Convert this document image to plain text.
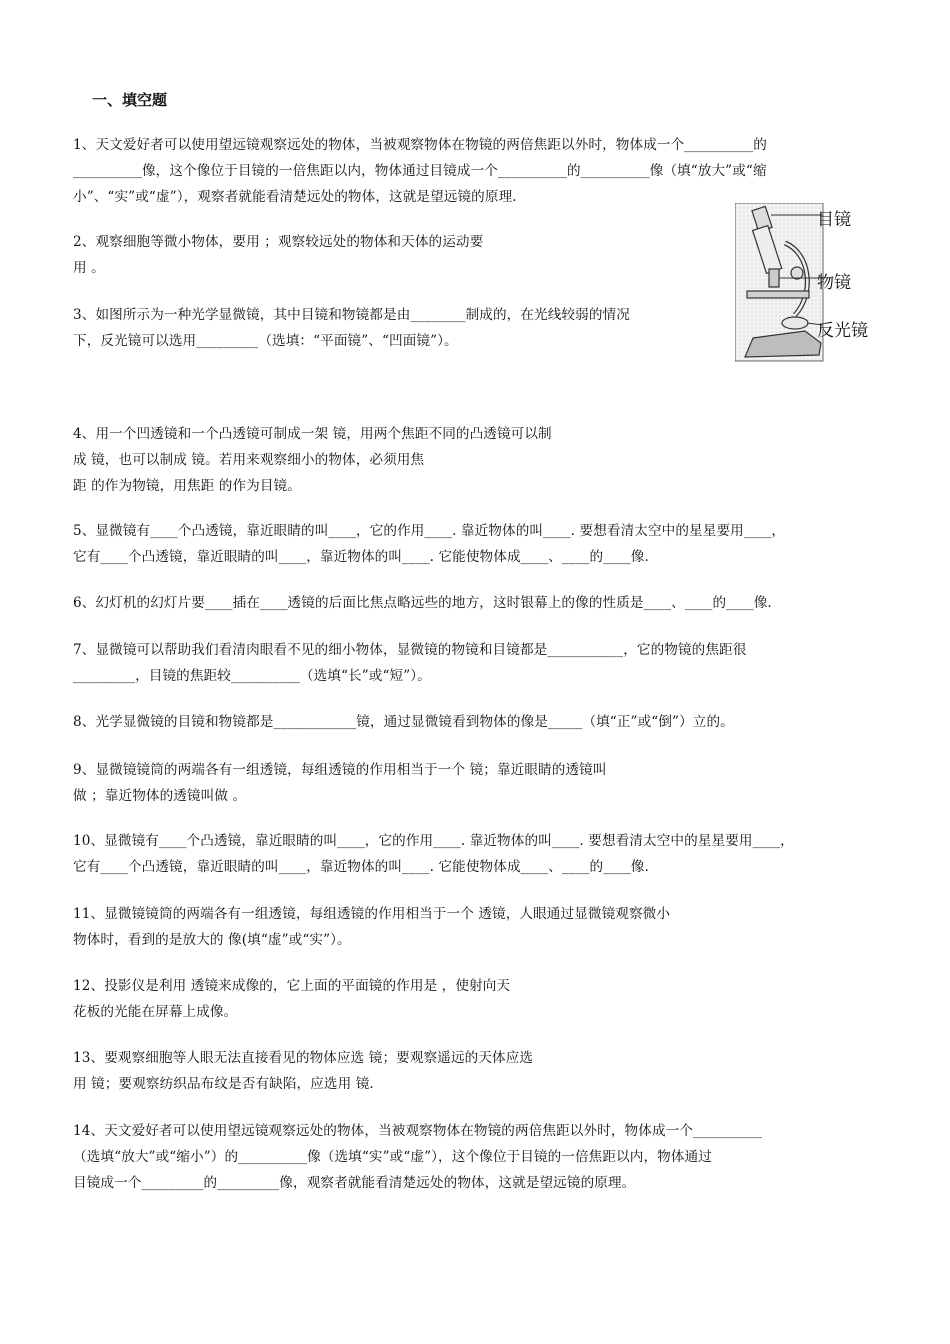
一、填空题
1、天文爱好者可以使用望远镜观察远处的物体，当被观察物体在物镜的两倍焦距以外时，物体成一个__________的
__________像，这个像位于目镜的一倍焦距以内，物体通过目镜成一个__________的__________像（填“放大”或“缩
小”、“实”或“虚”），观察者就能看清楚远处的物体，这就是望远镜的原理.
2、观察细胞等微小物体，要用 ；观察较远处的物体和天体的运动要
用 。
3、如图所示为一种光学显微镜，其中目镜和物镜都是由________制成的，在光线较弱的情况
下，反光镜可以选用_________（选填：“平面镜”、“凹面镜”）。
4、用一个凹透镜和一个凸透镜可制成一架 镜，用两个焦距不同的凸透镜可以制
成 镜，也可以制成 镜。若用来观察细小的物体，必须用焦
距 的作为物镜，用焦距 的作为目镜。
5、显微镜有____个凸透镜，靠近眼睛的叫____，它的作用____. 靠近物体的叫____. 要想看清太空中的星星要用____，
它有____个凸透镜，靠近眼睛的叫____，靠近物体的叫____. 它能使物体成____、____的____像.
6、幻灯机的幻灯片要____插在____透镜的后面比焦点略远些的地方，这时银幕上的像的性质是____、____的____像.
7、显微镜可以帮助我们看清肉眼看不见的细小物体，显微镜的物镜和目镜都是___________，它的物镜的焦距很
_________，目镜的焦距较__________（选填“长”或“短”）。
8、光学显微镜的目镜和物镜都是____________镜，通过显微镜看到物体的像是_____（填“正”或“倒”）立的。
9、显微镜镜筒的两端各有一组透镜，每组透镜的作用相当于一个 镜；靠近眼睛的透镜叫
做 ；靠近物体的透镜叫做 。
10、显微镜有____个凸透镜，靠近眼睛的叫____，它的作用____. 靠近物体的叫____. 要想看清太空中的星星要用____，
它有____个凸透镜，靠近眼睛的叫____，靠近物体的叫____. 它能使物体成____、____的____像.
11、显微镜镜筒的两端各有一组透镜，每组透镜的作用相当于一个 透镜，人眼通过显微镜观察微小
物体时，看到的是放大的 像(填“虚”或“实”）。
12、投影仪是利用 透镜来成像的，它上面的平面镜的作用是 ，使射向天
花板的光能在屏幕上成像。
13、要观察细胞等人眼无法直接看见的物体应选 镜；要观察遥远的天体应选
用 镜；要观察纺织品布纹是否有缺陷，应选用 镜.
14、天文爱好者可以使用望远镜观察远处的物体，当被观察物体在物镜的两倍焦距以外时，物体成一个__________
（选填“放大”或“缩小”）的__________像（选填“实”或“虚”），这个像位于目镜的一倍焦距以内，物体通过
目镜成一个_________的_________像，观察者就能看清楚远处的物体，这就是望远镜的原理。
目镜
物镜
反光镜
